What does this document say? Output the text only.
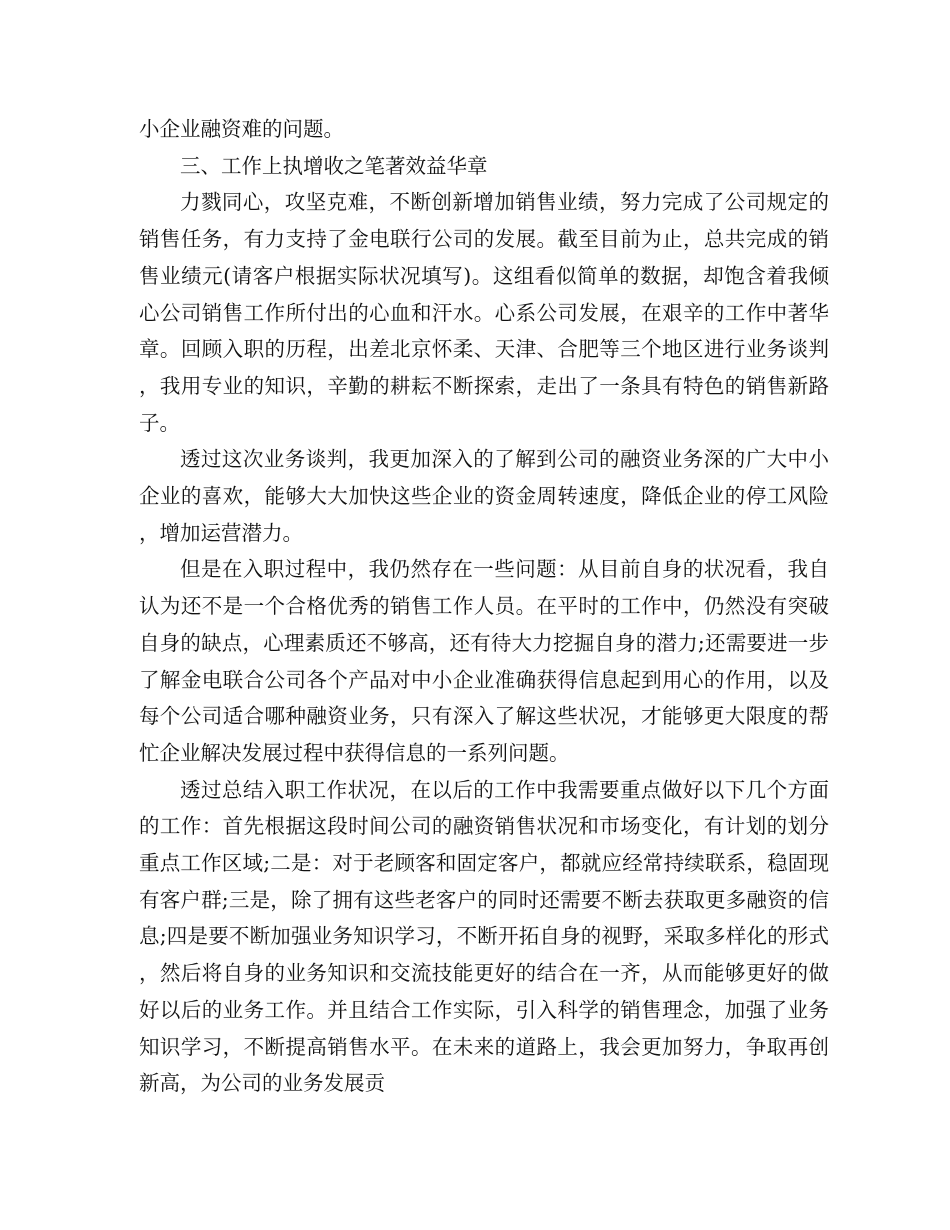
小企业融资难的问题。

三、工作上执增收之笔著效益华章

力戮同心，攻坚克难，不断创新增加销售业绩，努力完成了公司规定的销售任务，有力支持了金电联行公司的发展。截至目前为止，总共完成的销售业绩元(请客户根据实际状况填写)。这组看似简单的数据，却饱含着我倾心公司销售工作所付出的心血和汗水。心系公司发展，在艰辛的工作中著华章。回顾入职的历程，出差北京怀柔、天津、合肥等三个地区进行业务谈判，我用专业的知识，辛勤的耕耘不断探索，走出了一条具有特色的销售新路子。

透过这次业务谈判，我更加深入的了解到公司的融资业务深的广大中小企业的喜欢，能够大大加快这些企业的资金周转速度，降低企业的停工风险，增加运营潜力。

但是在入职过程中，我仍然存在一些问题：从目前自身的状况看，我自认为还不是一个合格优秀的销售工作人员。在平时的工作中，仍然没有突破自身的缺点，心理素质还不够高，还有待大力挖掘自身的潜力;还需要进一步了解金电联合公司各个产品对中小企业准确获得信息起到用心的作用，以及每个公司适合哪种融资业务，只有深入了解这些状况，才能够更大限度的帮忙企业解决发展过程中获得信息的一系列问题。

透过总结入职工作状况，在以后的工作中我需要重点做好以下几个方面的工作：首先根据这段时间公司的融资销售状况和市场变化，有计划的划分重点工作区域;二是：对于老顾客和固定客户，都就应经常持续联系，稳固现有客户群;三是，除了拥有这些老客户的同时还需要不断去获取更多融资的信息;四是要不断加强业务知识学习，不断开拓自身的视野，采取多样化的形式，然后将自身的业务知识和交流技能更好的结合在一齐，从而能够更好的做好以后的业务工作。并且结合工作实际，引入科学的销售理念，加强了业务知识学习，不断提高销售水平。在未来的道路上，我会更加努力，争取再创新高，为公司的业务发展贡
